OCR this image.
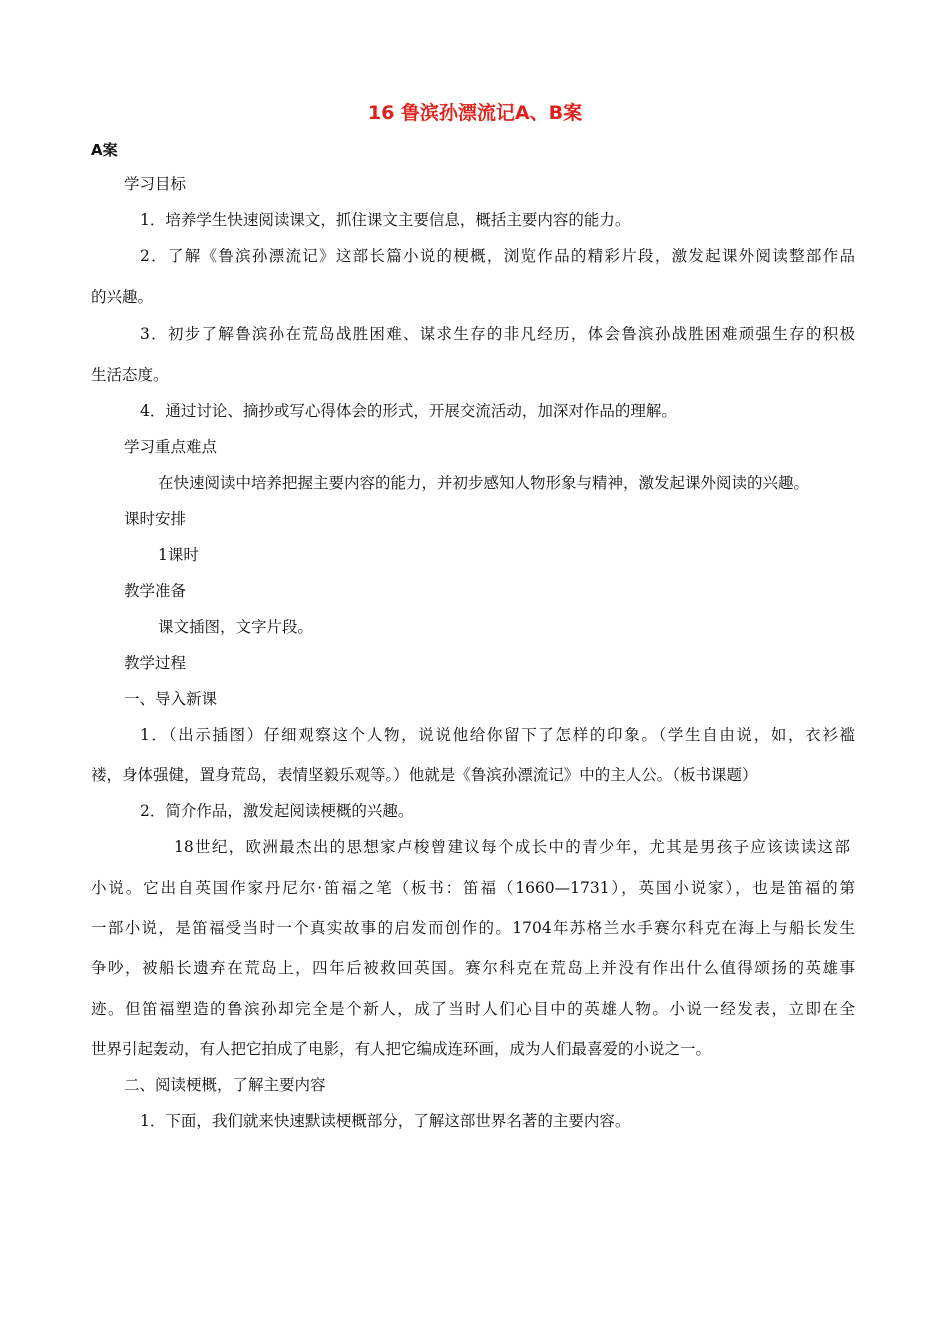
16 鲁滨孙漂流记A、B案
A案
学习目标
1．培养学生快速阅读课文，抓住课文主要信息，概括主要内容的能力。
2．了解《鲁滨孙漂流记》这部长篇小说的梗概，浏览作品的精彩片段，激发起课外阅读整部作品
的兴趣。
3．初步了解鲁滨孙在荒岛战胜困难、谋求生存的非凡经历，体会鲁滨孙战胜困难顽强生存的积极
生活态度。
4．通过讨论、摘抄或写心得体会的形式，开展交流活动，加深对作品的理解。
学习重点难点
在快速阅读中培养把握主要内容的能力，并初步感知人物形象与精神，激发起课外阅读的兴趣。
课时安排
1课时
教学准备
课文插图，文字片段。
教学过程
一、导入新课
1．（出示插图）仔细观察这个人物，说说他给你留下了怎样的印象。（学生自由说，如，衣衫褴
褛，身体强健，置身荒岛，表情坚毅乐观等。）他就是《鲁滨孙漂流记》中的主人公。（板书课题）
2．简介作品，激发起阅读梗概的兴趣。
18世纪，欧洲最杰出的思想家卢梭曾建议每个成长中的青少年，尤其是男孩子应该读读这部
小说。它出自英国作家丹尼尔·笛福之笔（板书：笛福（1660—1731），英国小说家），也是笛福的第
一部小说，是笛福受当时一个真实故事的启发而创作的。1704年苏格兰水手赛尔科克在海上与船长发生
争吵，被船长遗弃在荒岛上，四年后被救回英国。赛尔科克在荒岛上并没有作出什么值得颂扬的英雄事
迹。但笛福塑造的鲁滨孙却完全是个新人，成了当时人们心目中的英雄人物。小说一经发表，立即在全
世界引起轰动，有人把它拍成了电影，有人把它编成连环画，成为人们最喜爱的小说之一。
二、阅读梗概，了解主要内容
1．下面，我们就来快速默读梗概部分，了解这部世界名著的主要内容。
